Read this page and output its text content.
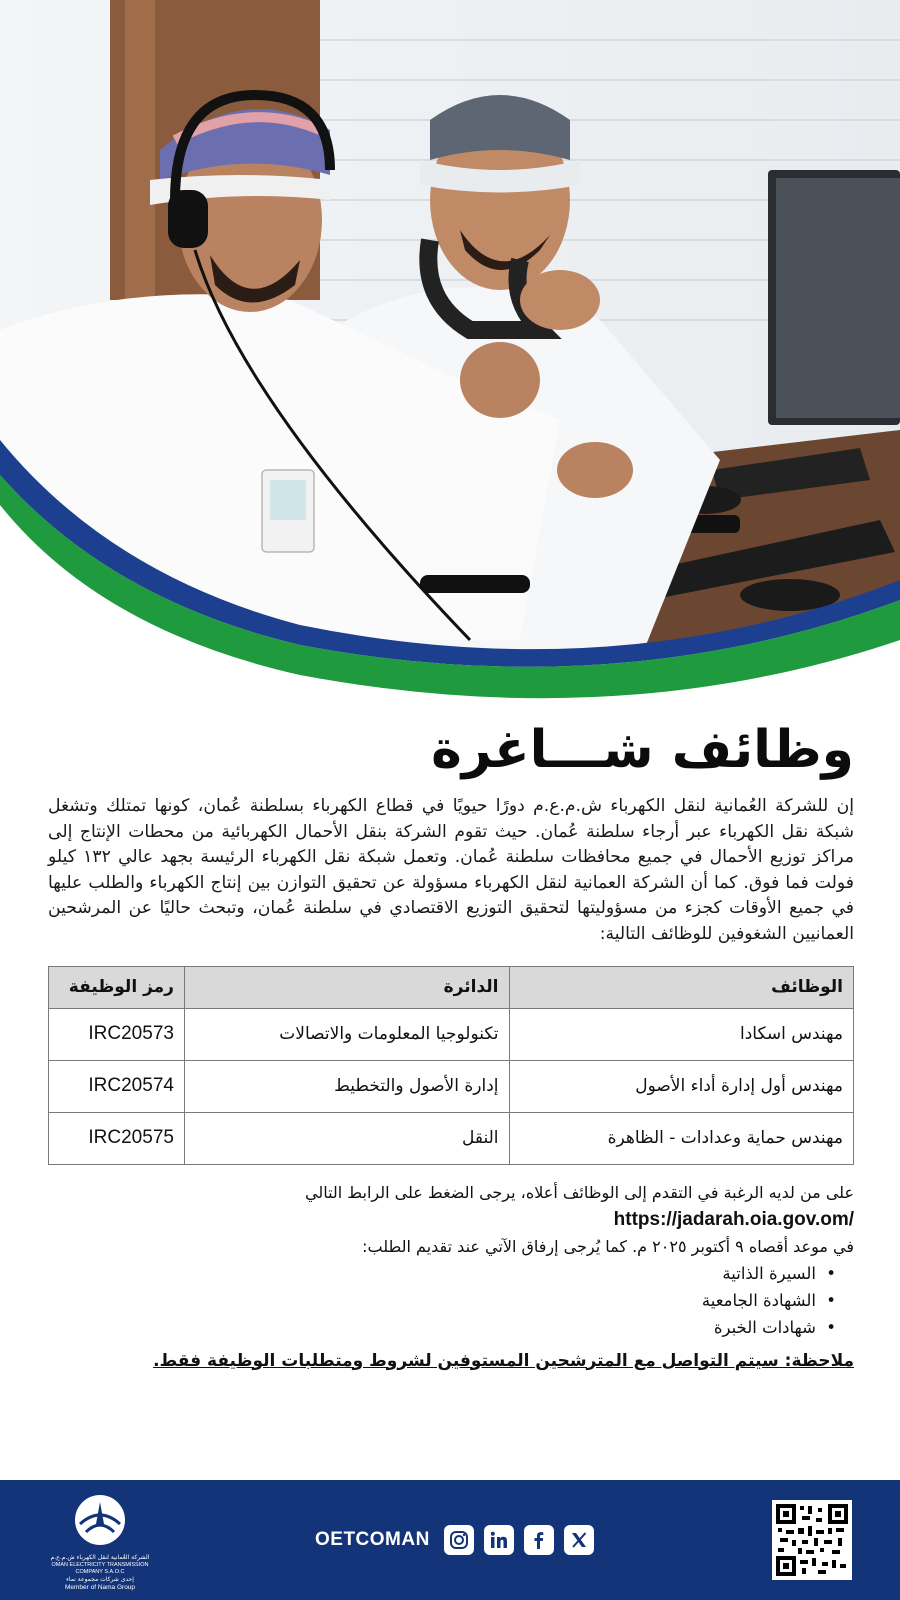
وظائف شـــاغرة

إن للشركة العُمانية لنقل الكهرباء ش.م.ع.م دورًا حيويًا في قطاع الكهرباء بسلطنة عُمان، كونها تمتلك وتشغل شبكة نقل الكهرباء عبر أرجاء سلطنة عُمان. حيث تقوم الشركة بنقل الأحمال الكهربائية من محطات الإنتاج إلى مراكز توزيع الأحمال في جميع محافظات سلطنة عُمان. وتعمل شبكة نقل الكهرباء الرئيسة بجهد عالي ١٣٢ كيلو فولت فما فوق. كما أن الشركة العمانية لنقل الكهرباء مسؤولة عن تحقيق التوازن بين إنتاج الكهرباء والطلب عليها في جميع الأوقات كجزء من مسؤوليتها لتحقيق التوزيع الاقتصادي في سلطنة عُمان، وتبحث حاليًا عن المرشحين العمانيين الشغوفين للوظائف التالية:

الوظائف	الدائرة	رمز الوظيفة
مهندس اسكادا	تكنولوجيا المعلومات والاتصالات	IRC20573
مهندس أول إدارة أداء الأصول	إدارة الأصول والتخطيط	IRC20574
مهندس حماية وعدادات - الظاهرة	النقل	IRC20575

على من لديه الرغبة في التقدم إلى الوظائف أعلاه، يرجى الضغط على الرابط التالي

https://jadarah.oia.gov.om/

في موعد أقصاه ٩ أكتوبر ٢٠٢٥ م. كما يُرجى إرفاق الآتي عند تقديم الطلب:

• السيرة الذاتية
• الشهادة الجامعية
• شهادات الخبرة

ملاحظة: سيتم التواصل مع المترشحين المستوفين لشروط ومتطلبات الوظيفة فقط.

الشركة العُمانية لنقل الكهرباء ش.م.ع.م
OMAN ELECTRICITY TRANSMISSION COMPANY S.A.O.C
إحدى شركات مجموعة نماء
Member of Nama Group
OETCOMAN
